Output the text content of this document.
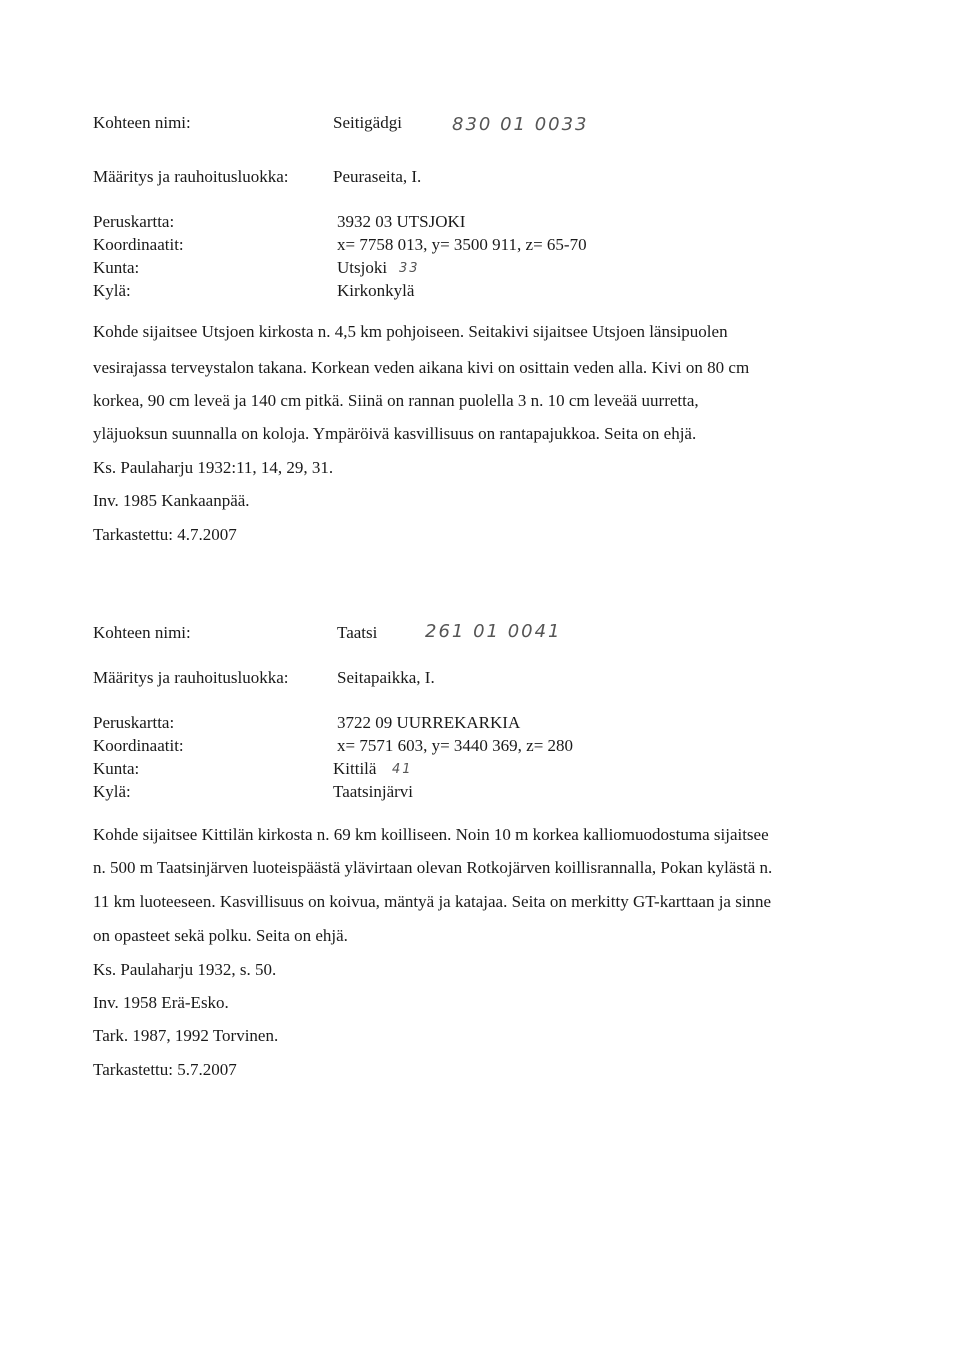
Kohteen nimi:	Seitigädgi	830 01 0033
Määritys ja rauhoitusluokka:	Peuraseita, I.
Peruskartta:	3932 03 UTSJOKI
Koordinaatit:	x= 7758 013, y= 3500 911, z= 65-70
Kunta:	Utsjoki 33
Kylä:	Kirkonkylä
Kohde sijaitsee Utsjoen kirkosta n. 4,5 km pohjoiseen. Seitakivi sijaitsee Utsjoen länsipuolen
vesirajassa terveystalon takana. Korkean veden aikana kivi on osittain veden alla. Kivi on 80 cm
korkea, 90 cm leveä ja 140 cm pitkä. Siinä on rannan puolella 3 n. 10 cm leveää uurretta,
yläjuoksun suunnalla on koloja. Ympäröivä kasvillisuus on rantapajukkoa. Seita on ehjä.
Ks. Paulaharju 1932:11, 14, 29, 31.
Inv. 1985 Kankaanpää.
Tarkastettu: 4.7.2007
Kohteen nimi:	Taatsi	261 01 0041
Määritys ja rauhoitusluokka:	Seitapaikka, I.
Peruskartta:	3722 09 UURREKARKIA
Koordinaatit:	x= 7571 603, y= 3440 369, z= 280
Kunta:	Kittilä 41
Kylä:	Taatsinjärvi
Kohde sijaitsee Kittilän kirkosta n. 69 km koilliseen. Noin 10 m korkea kalliomuodostuma sijaitsee
n. 500 m Taatsinjärven luoteispäästä ylävirtaan olevan Rotkojärven koillisrannalla, Pokan kylästä n.
11 km luoteeseen. Kasvillisuus on koivua, mäntyä ja katajaa. Seita on merkitty GT-karttaan ja sinne
on opasteet sekä polku. Seita on ehjä.
Ks. Paulaharju 1932, s. 50.
Inv. 1958 Erä-Esko.
Tark. 1987, 1992 Torvinen.
Tarkastettu: 5.7.2007
